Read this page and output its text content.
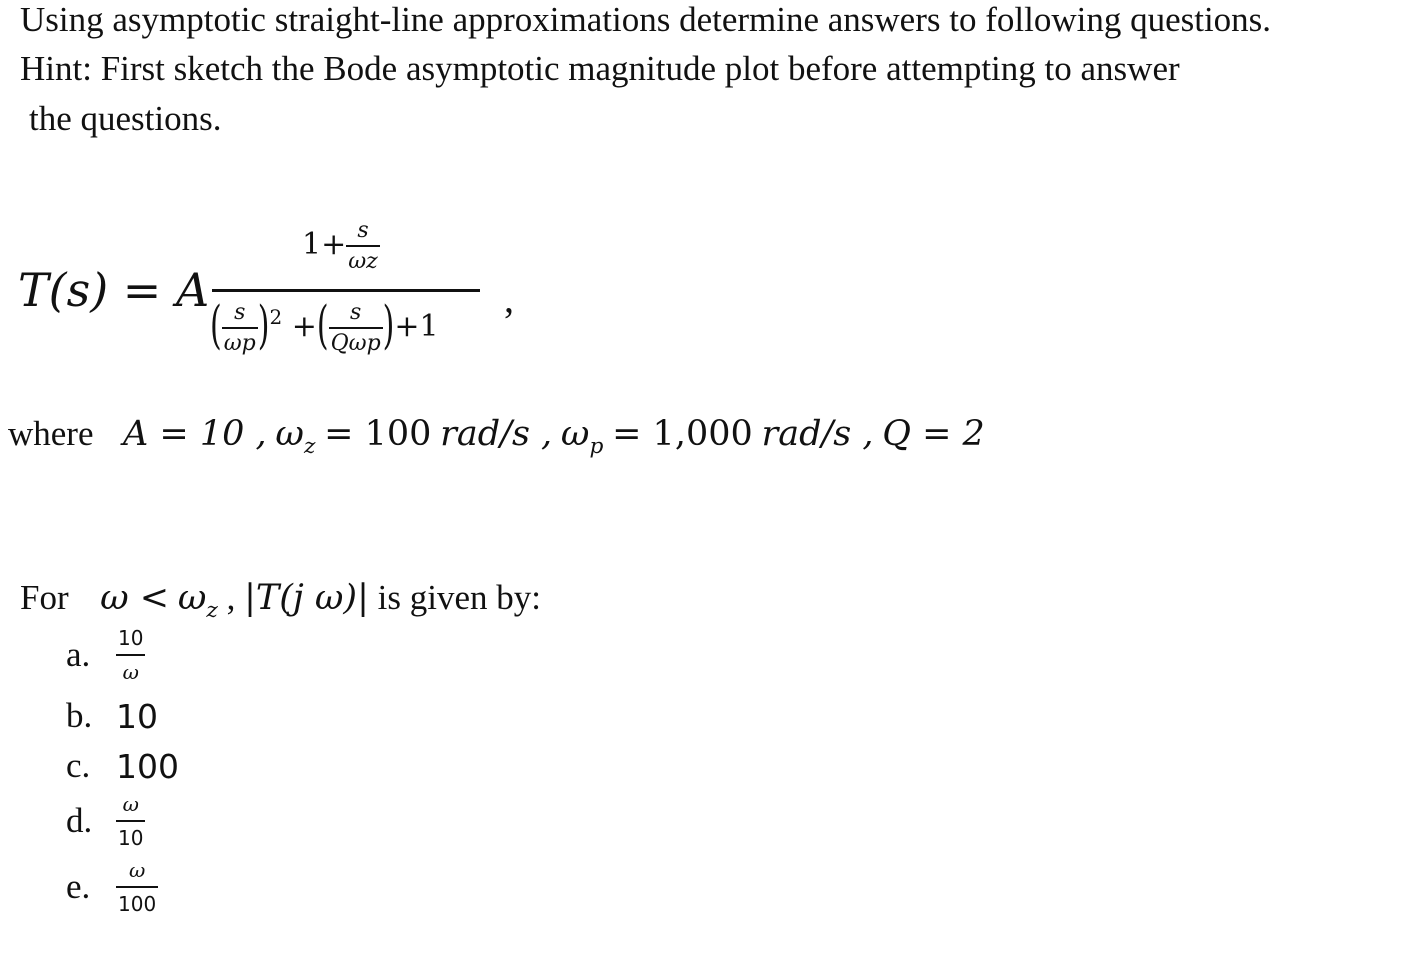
Using asymptotic straight-line approximations determine answers to following questions.
Hint: First sketch the Bode asymptotic magnitude plot before attempting to answer
the questions.
T(s) = A
$1+ \frac{s}{\omega z}$
( $\frac{s}{\omega p} )^2$ +( $\frac{s}{\text{Qωp}} )+1$
,
where A = 10 , $\omega_z = 100$ rad/s , $\omega_p = 1,000$ rad/s , Q = 2
For $\omega < \omega_z$ , |T(j ω)| is given by:
a.	$\frac{10}{\omega}$
b. 10
c. 100
d.	$\frac{\omega}{10}$
e.	$\frac{\omega}{100}$
